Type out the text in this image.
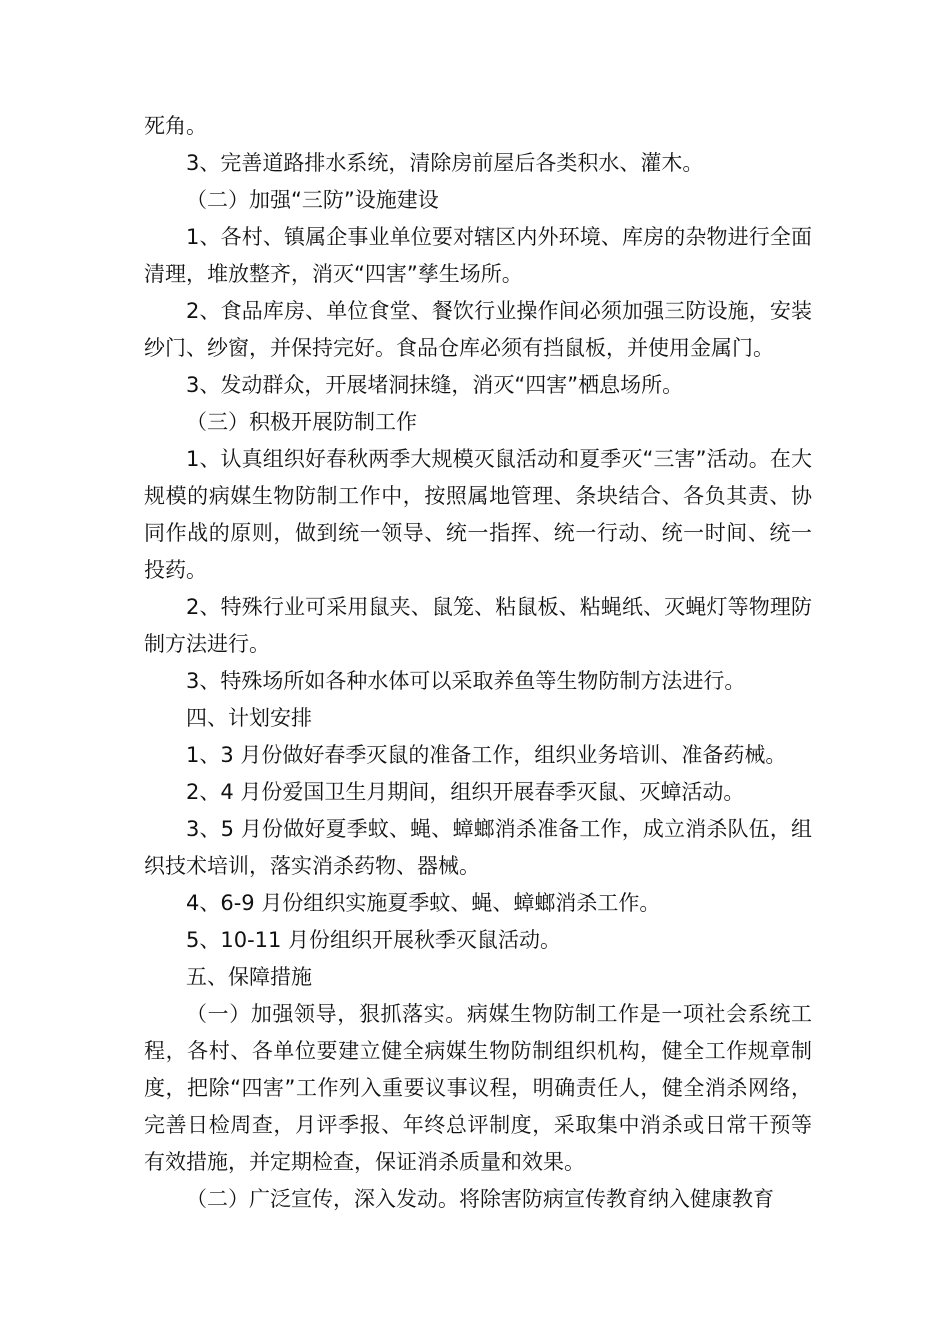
死角。

3、完善道路排水系统，清除房前屋后各类积水、灌木。

（二）加强“三防”设施建设

1、各村、镇属企事业单位要对辖区内外环境、库房的杂物进行全面清理，堆放整齐，消灭“四害”孳生场所。

2、食品库房、单位食堂、餐饮行业操作间必须加强三防设施，安装纱门、纱窗，并保持完好。食品仓库必须有挡鼠板，并使用金属门。

3、发动群众，开展堵洞抹缝，消灭“四害”栖息场所。

（三）积极开展防制工作

1、认真组织好春秋两季大规模灭鼠活动和夏季灭“三害”活动。在大规模的病媒生物防制工作中，按照属地管理、条块结合、各负其责、协同作战的原则，做到统一领导、统一指挥、统一行动、统一时间、统一投药。

2、特殊行业可采用鼠夹、鼠笼、粘鼠板、粘蝇纸、灭蝇灯等物理防制方法进行。

3、特殊场所如各种水体可以采取养鱼等生物防制方法进行。

四、计划安排

1、3 月份做好春季灭鼠的准备工作，组织业务培训、准备药械。

2、4 月份爱国卫生月期间，组织开展春季灭鼠、灭蟑活动。

3、5 月份做好夏季蚊、蝇、蟑螂消杀准备工作，成立消杀队伍，组织技术培训，落实消杀药物、器械。

4、6-9 月份组织实施夏季蚊、蝇、蟑螂消杀工作。

5、10-11 月份组织开展秋季灭鼠活动。

五、保障措施

（一）加强领导，狠抓落实。病媒生物防制工作是一项社会系统工程，各村、各单位要建立健全病媒生物防制组织机构，健全工作规章制度，把除“四害”工作列入重要议事议程，明确责任人，健全消杀网络，完善日检周查，月评季报、年终总评制度，采取集中消杀或日常干预等有效措施，并定期检查，保证消杀质量和效果。

（二）广泛宣传，深入发动。将除害防病宣传教育纳入健康教育
